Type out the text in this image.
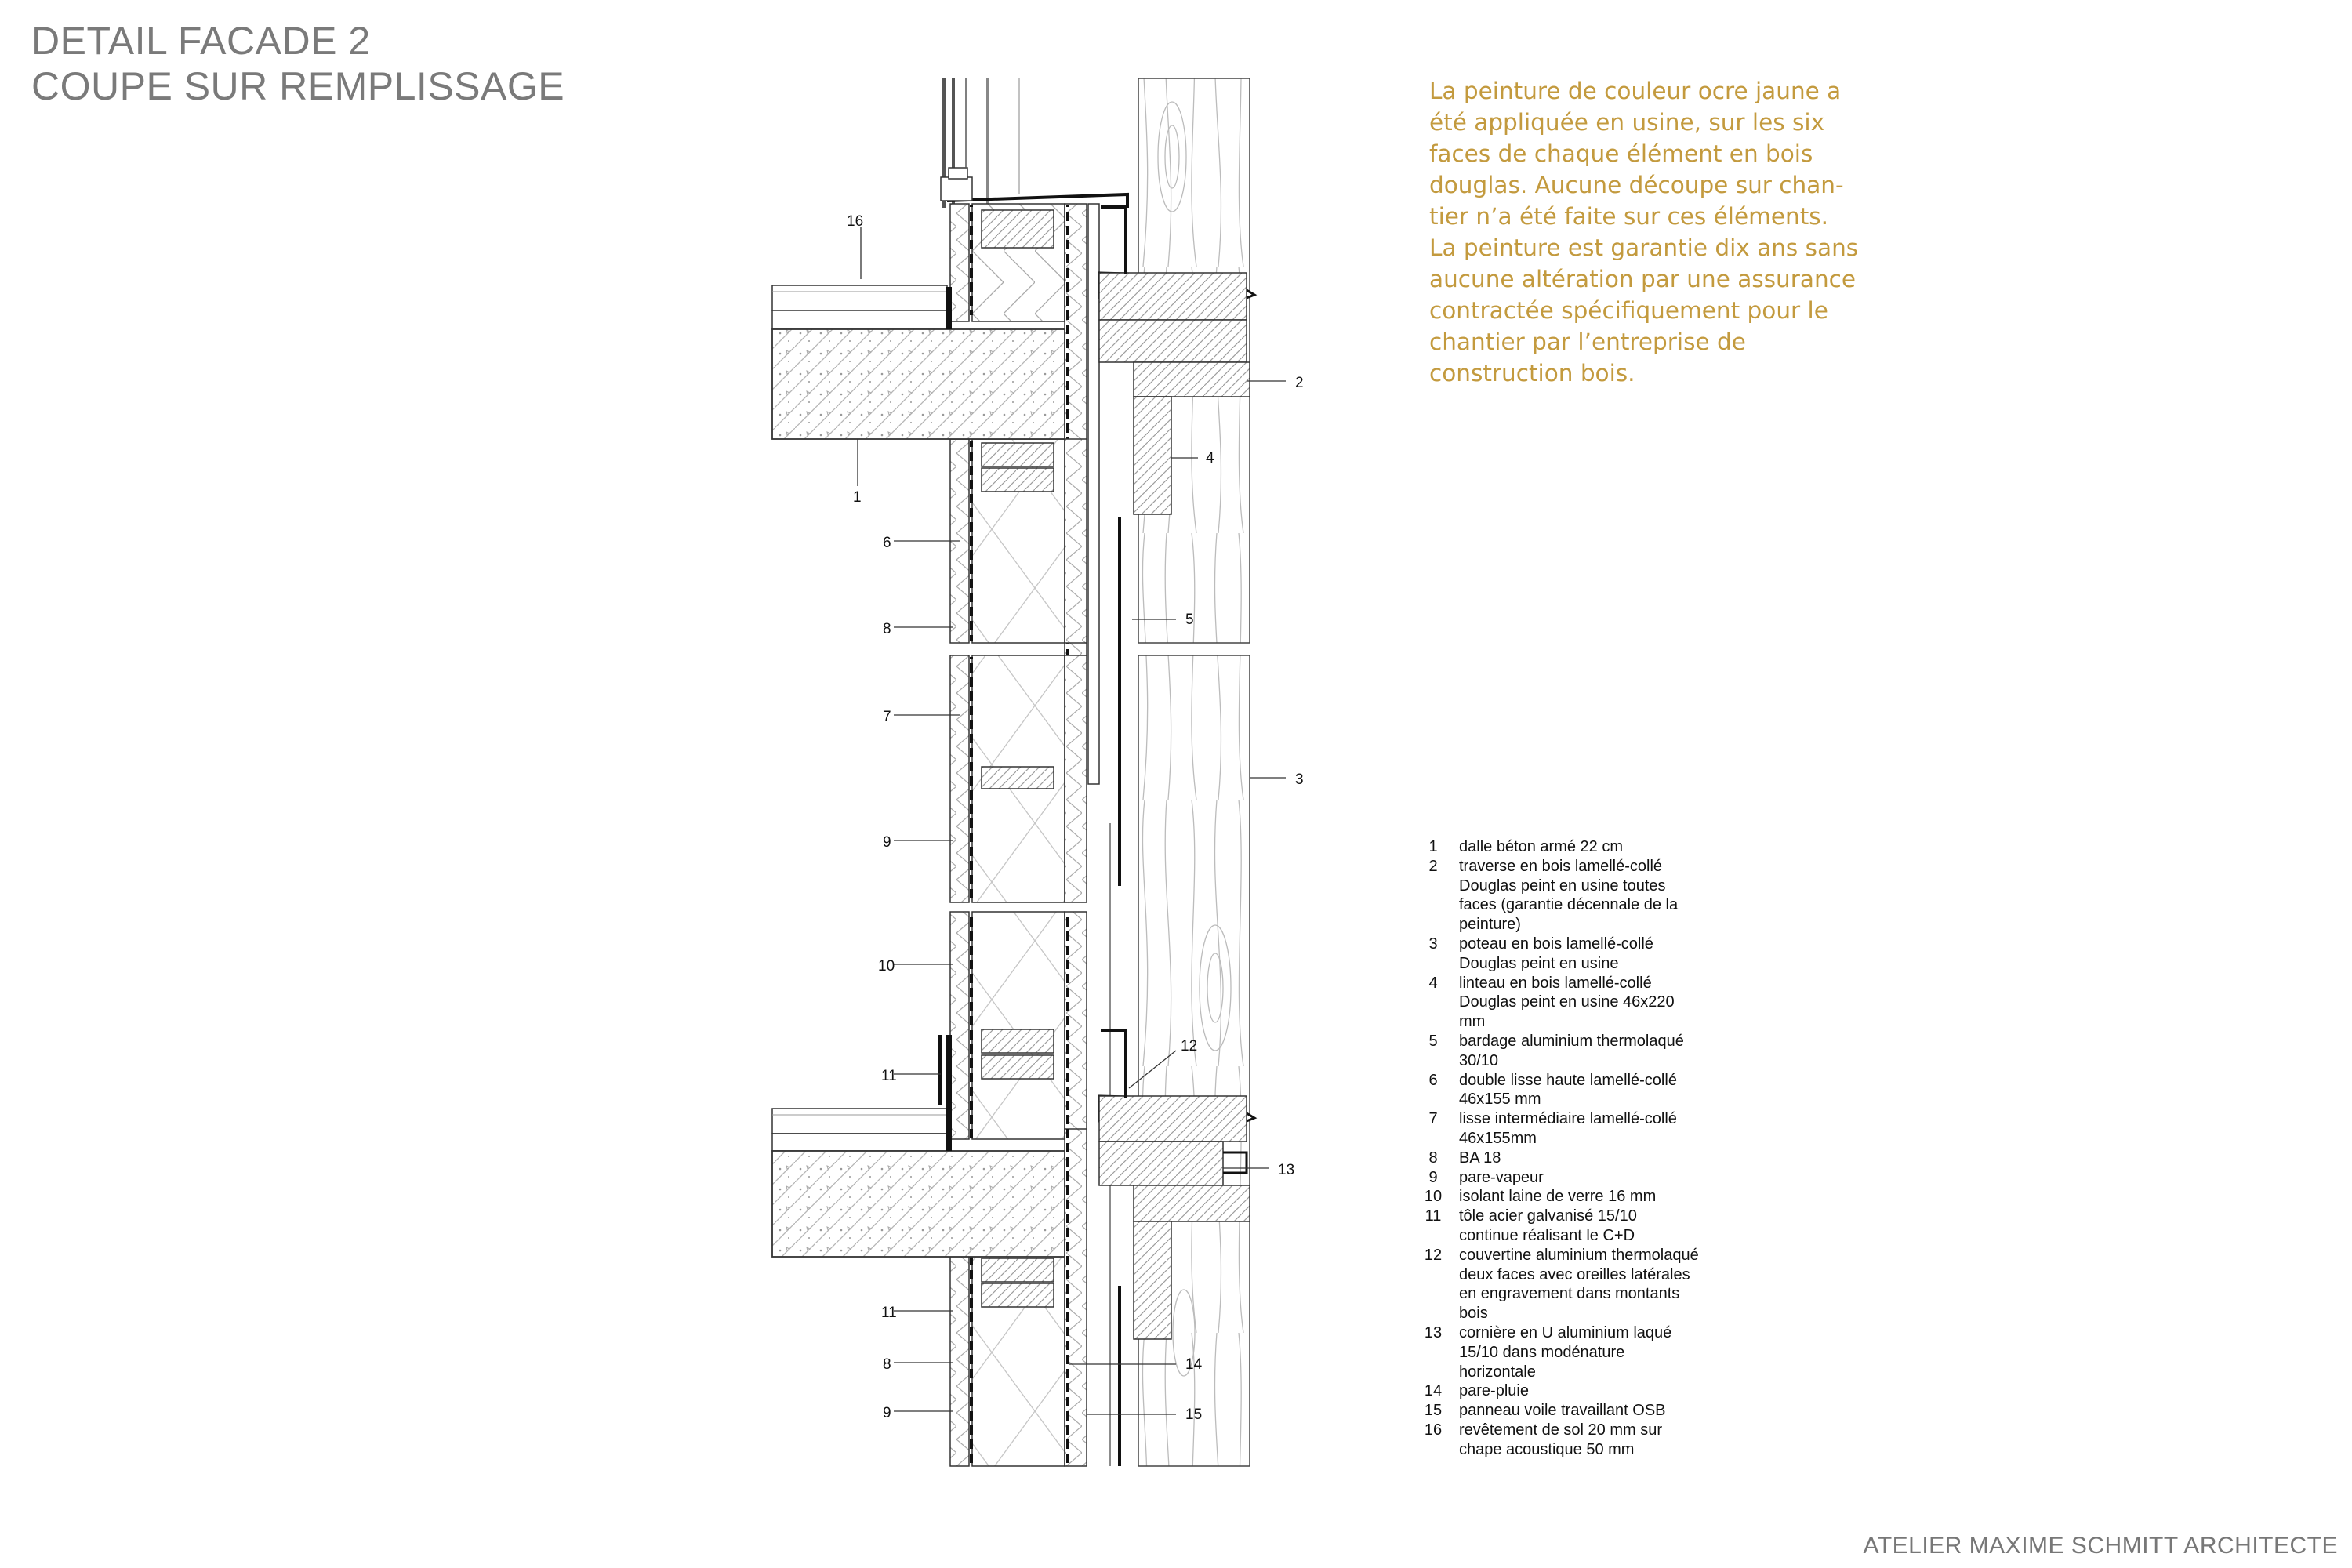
DETAIL FACADE 2
COUPE SUR REMPLISSAGE	La peinture de couleur ocre jaune a
été appliquée en usine, sur les six
faces de chaque élément en bois
douglas. Aucune découpe sur chan-
tier n’a été faite sur ces éléments.
La peinture est garantie dix ans sans
aucune altération par une assurance
contractée spécifiquement pour le
chantier par l’entreprise de
construction bois.

16
2
1
4
6
5
8
7
3
9
10
12
11
13
11
8	14
9	15
1	dalle béton armé 22 cm
2	traverse en bois lamellé-collé
Douglas peint en usine toutes
faces (garantie décennale de la
peinture)
3	poteau en bois lamellé-collé
Douglas peint en usine
4	linteau en bois lamellé-collé
Douglas peint en usine 46x220
mm
5	bardage aluminium thermolaqué
30/10
6	double lisse haute lamellé-collé
46x155 mm
7	lisse intermédiaire lamellé-collé
46x155mm
8	BA 18
9	pare-vapeur
10	isolant laine de verre 16 mm
11	tôle acier galvanisé 15/10
continue réalisant le C+D
12	couvertine aluminium thermolaqué
deux faces avec oreilles latérales
en engravement dans montants
bois
13	cornière en U aluminium laqué
15/10 dans modénature
horizontale
14	pare-pluie
15	panneau voile travaillant OSB
16	revêtement de sol 20 mm sur
chape acoustique 50 mm
ATELIER MAXIME SCHMITT ARCHITECTE
